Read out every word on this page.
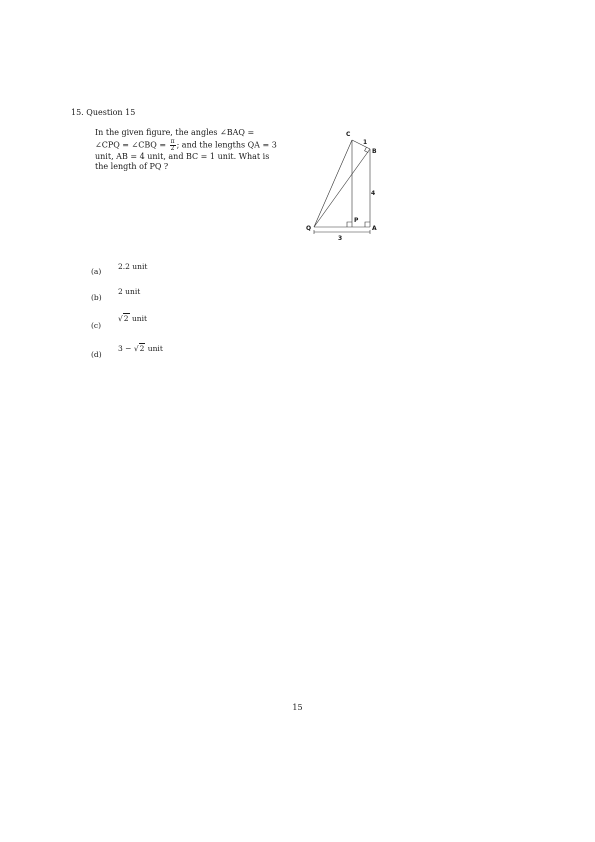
15. Question 15
In the given figure, the angles ∠BAQ =
∠CPQ = ∠CBQ = $\frac{\pi}{2}$ ; and the lengths QA = 3
unit, AB = 4 unit, and BC = 1 unit. What is
the length of PQ ?
C
B
A
P
Q
1
4
3
2.2 unit
(a)
2 unit
(b)
√2 unit
(c)
3 − √2 unit
(d)
15
